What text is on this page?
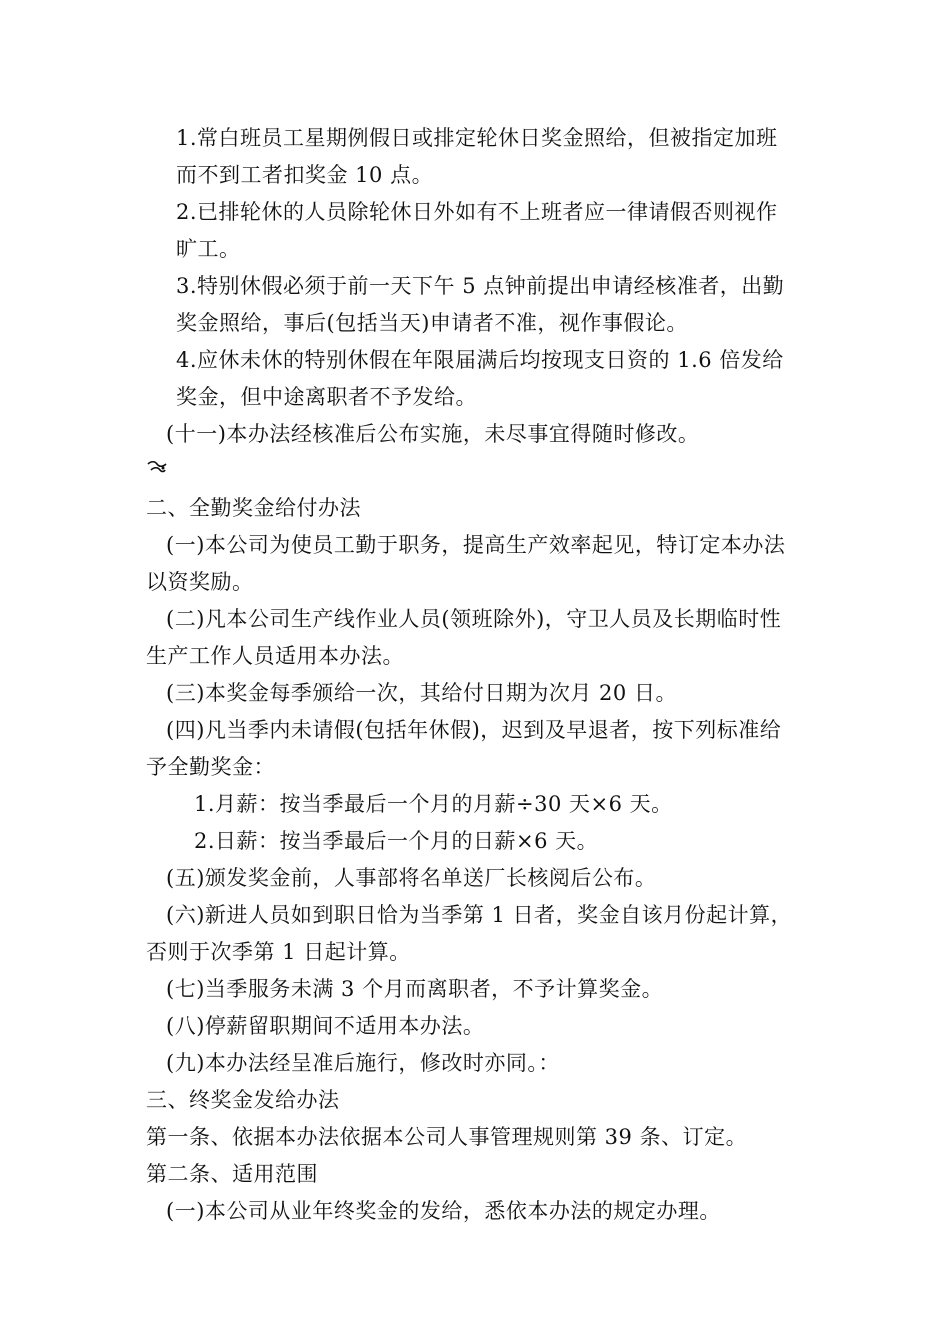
1.常白班员工星期例假日或排定轮休日奖金照给，但被指定加班
而不到工者扣奖金 10 点。
2.已排轮休的人员除轮休日外如有不上班者应一律请假否则视作
旷工。
3.特别休假必须于前一天下午 5 点钟前提出申请经核准者，出勤
奖金照给，事后(包括当天)申请者不准，视作事假论。
4.应休未休的特别休假在年限届满后均按现支日资的 1.6 倍发给
奖金，但中途离职者不予发给。
(十一)本办法经核准后公布实施，未尽事宜得随时修改。
二、全勤奖金给付办法
(一)本公司为使员工勤于职务，提高生产效率起见，特订定本办法
以资奖励。
(二)凡本公司生产线作业人员(领班除外)，守卫人员及长期临时性
生产工作人员适用本办法。
(三)本奖金每季颁给一次，其给付日期为次月 20 日。
(四)凡当季内未请假(包括年休假)，迟到及早退者，按下列标准给
予全勤奖金：
1.月薪：按当季最后一个月的月薪÷30 天×6 天。
2.日薪：按当季最后一个月的日薪×6 天。
(五)颁发奖金前，人事部将名单送厂长核阅后公布。
(六)新进人员如到职日恰为当季第 1 日者，奖金自该月份起计算，
否则于次季第 1 日起计算。
(七)当季服务未满 3 个月而离职者，不予计算奖金。
(八)停薪留职期间不适用本办法。
(九)本办法经呈准后施行，修改时亦同。：
三、终奖金发给办法
第一条、依据本办法依据本公司人事管理规则第 39 条、订定。
第二条、适用范围
(一)本公司从业年终奖金的发给，悉依本办法的规定办理。
